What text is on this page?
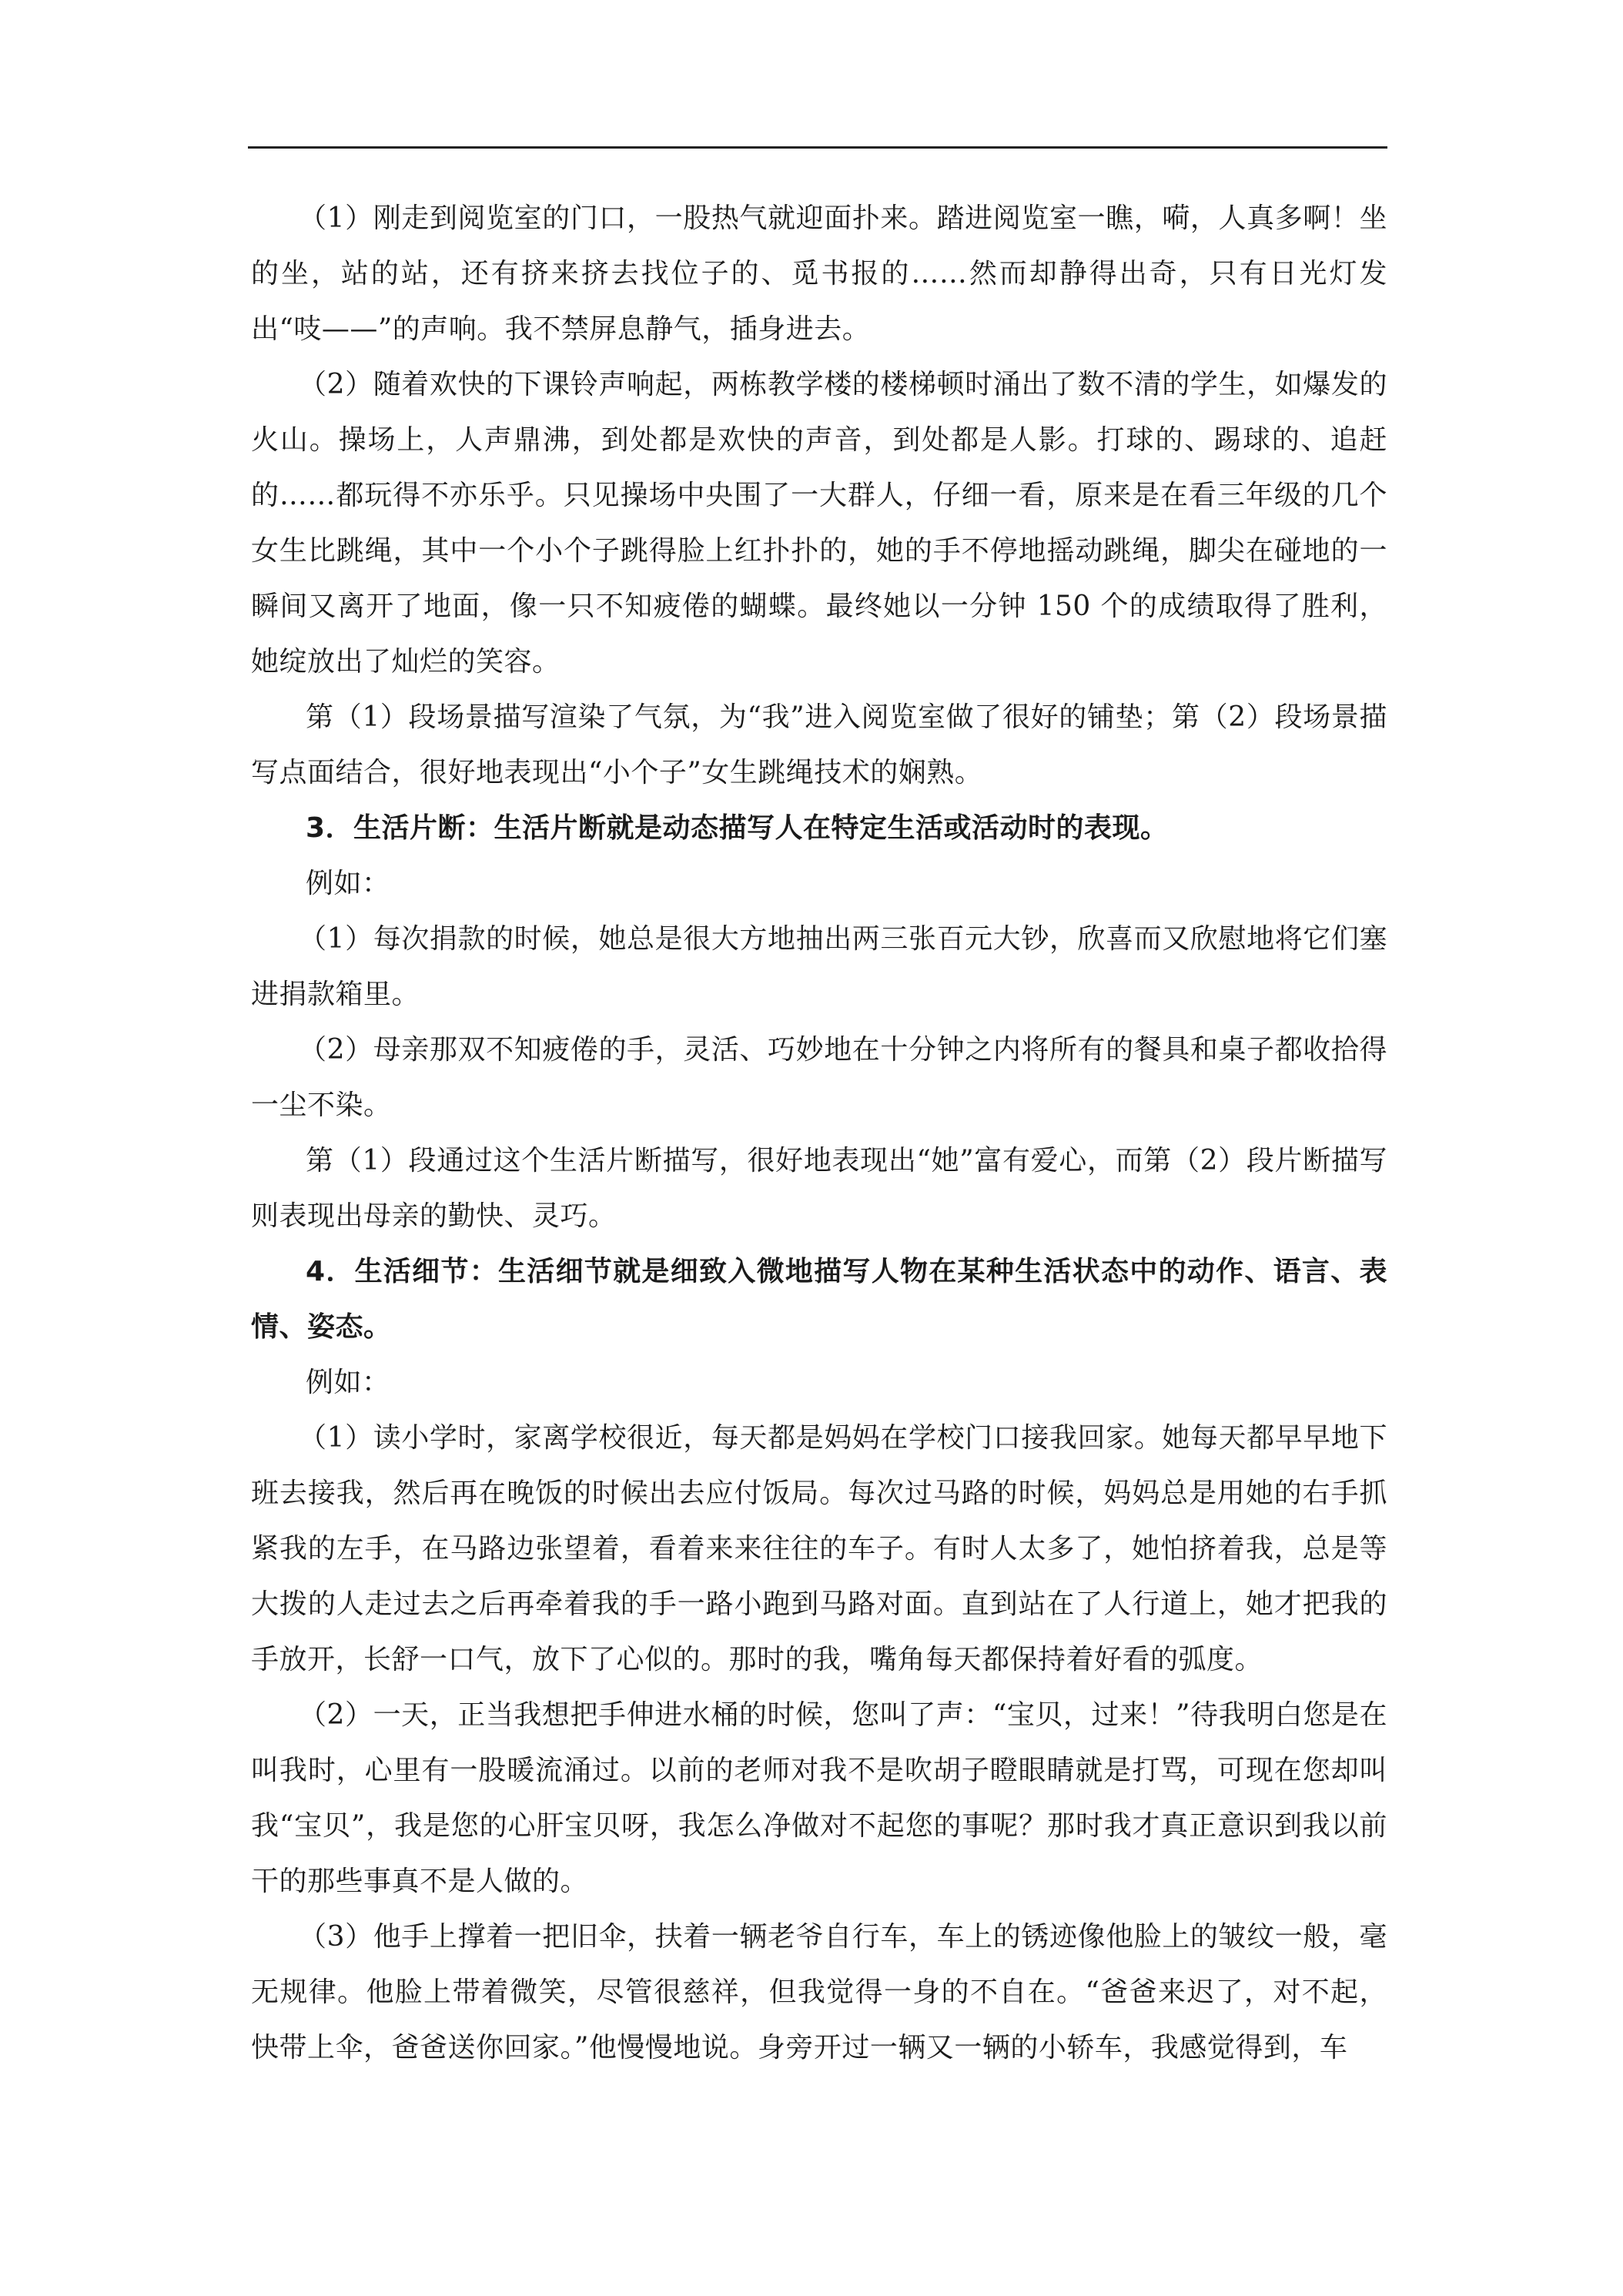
（1）刚走到阅览室的门口，一股热气就迎面扑来。踏进阅览室一瞧，嗬，人真多啊！坐的坐，站的站，还有挤来挤去找位子的、觅书报的……然而却静得出奇，只有日光灯发出“吱——”的声响。我不禁屏息静气，插身进去。

（2）随着欢快的下课铃声响起，两栋教学楼的楼梯顿时涌出了数不清的学生，如爆发的火山。操场上，人声鼎沸，到处都是欢快的声音，到处都是人影。打球的、踢球的、追赶的……都玩得不亦乐乎。只见操场中央围了一大群人，仔细一看，原来是在看三年级的几个女生比跳绳，其中一个小个子跳得脸上红扑扑的，她的手不停地摇动跳绳，脚尖在碰地的一瞬间又离开了地面，像一只不知疲倦的蝴蝶。最终她以一分钟 150 个的成绩取得了胜利，她绽放出了灿烂的笑容。

第（1）段场景描写渲染了气氛，为“我”进入阅览室做了很好的铺垫；第（2）段场景描写点面结合，很好地表现出“小个子”女生跳绳技术的娴熟。

3．生活片断：生活片断就是动态描写人在特定生活或活动时的表现。

例如：

（1）每次捐款的时候，她总是很大方地抽出两三张百元大钞，欣喜而又欣慰地将它们塞进捐款箱里。

（2）母亲那双不知疲倦的手，灵活、巧妙地在十分钟之内将所有的餐具和桌子都收拾得一尘不染。

第（1）段通过这个生活片断描写，很好地表现出“她”富有爱心，而第（2）段片断描写则表现出母亲的勤快、灵巧。

4．生活细节：生活细节就是细致入微地描写人物在某种生活状态中的动作、语言、表情、姿态。

例如：

（1）读小学时，家离学校很近，每天都是妈妈在学校门口接我回家。她每天都早早地下班去接我，然后再在晚饭的时候出去应付饭局。每次过马路的时候，妈妈总是用她的右手抓紧我的左手，在马路边张望着，看着来来往往的车子。有时人太多了，她怕挤着我，总是等大拨的人走过去之后再牵着我的手一路小跑到马路对面。直到站在了人行道上，她才把我的手放开，长舒一口气，放下了心似的。那时的我，嘴角每天都保持着好看的弧度。

（2）一天，正当我想把手伸进水桶的时候，您叫了声：“宝贝，过来！”待我明白您是在叫我时，心里有一股暖流涌过。以前的老师对我不是吹胡子瞪眼睛就是打骂，可现在您却叫我“宝贝”，我是您的心肝宝贝呀，我怎么净做对不起您的事呢？那时我才真正意识到我以前干的那些事真不是人做的。

（3）他手上撑着一把旧伞，扶着一辆老爷自行车，车上的锈迹像他脸上的皱纹一般，毫无规律。他脸上带着微笑，尽管很慈祥，但我觉得一身的不自在。“爸爸来迟了，对不起，快带上伞，爸爸送你回家。”他慢慢地说。身旁开过一辆又一辆的小轿车，我感觉得到，车
